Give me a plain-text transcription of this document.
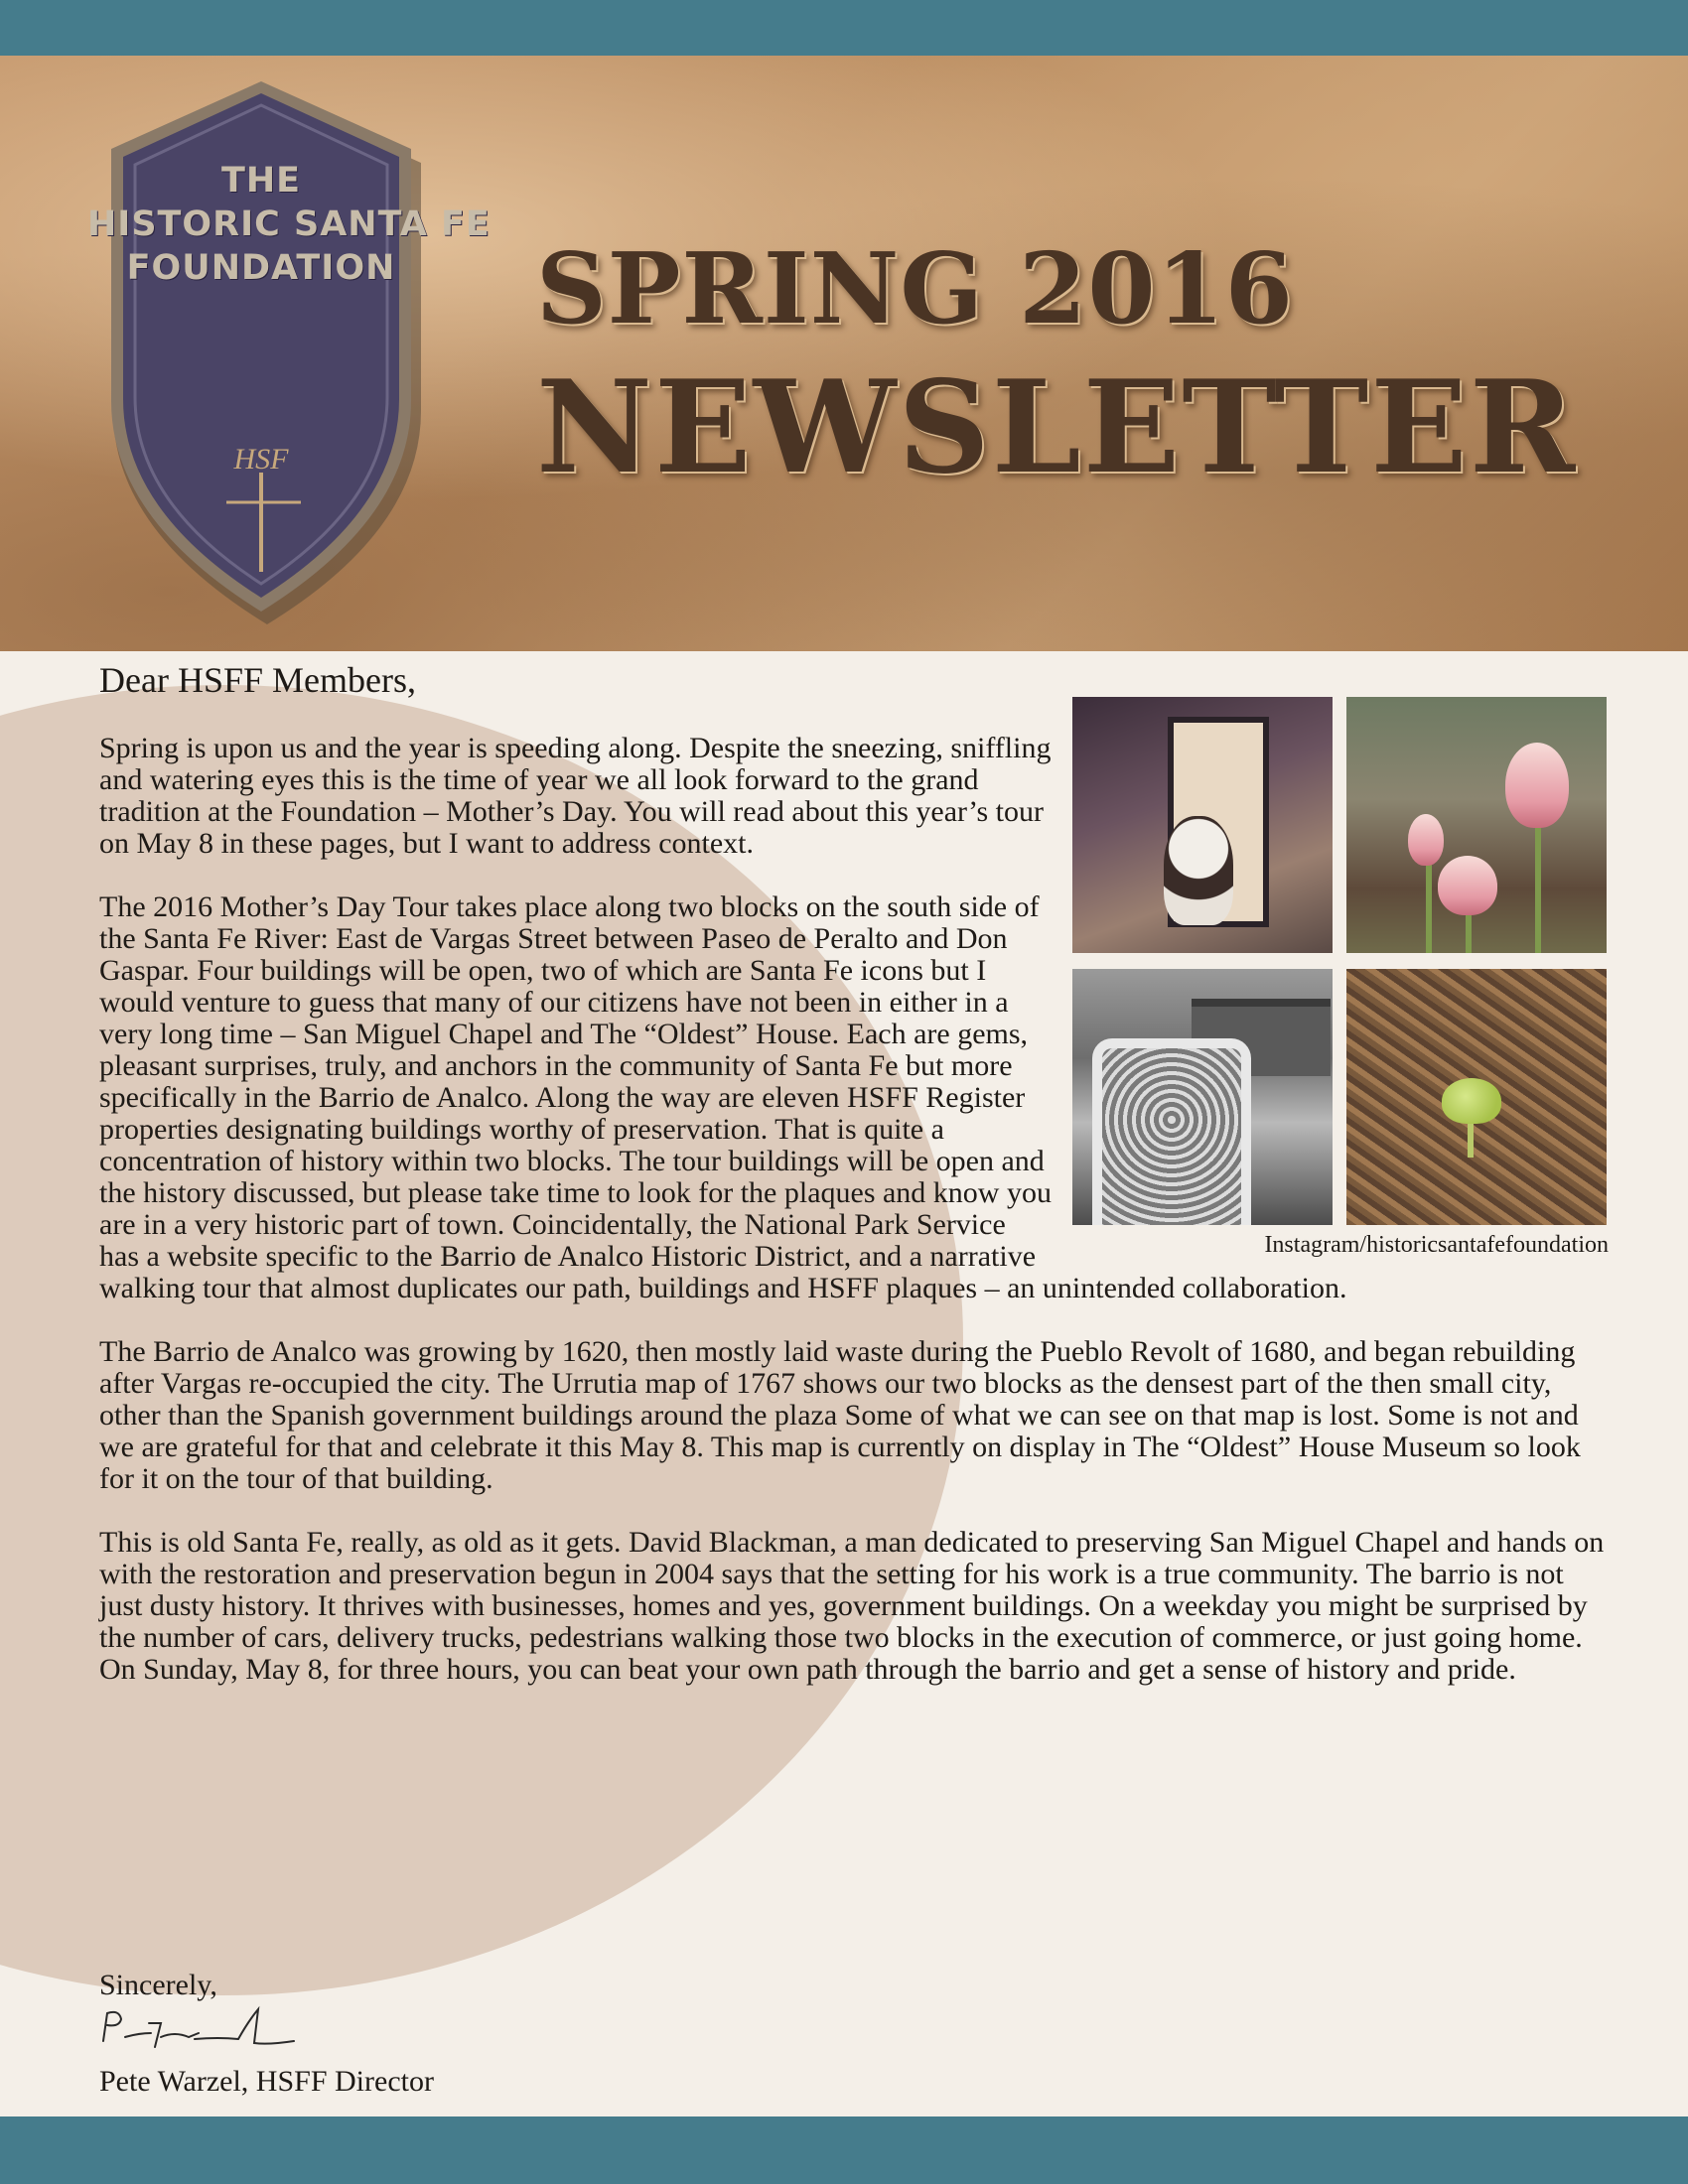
THE
HISTORIC SANTA FE
FOUNDATION
HSF
SPRING 2016
NEWSLETTER
Dear HSFF Members,
Instagram/historicsantafefoundation

Spring is upon us and the year is speeding along. Despite the sneezing, sniffling and watering eyes this is the time of year we all look forward to the grand tradition at the Foundation – Mother’s Day. You will read about this year’s tour on May 8 in these pages, but I want to address context.

The 2016 Mother’s Day Tour takes place along two blocks on the south side of the Santa Fe River: East de Vargas Street between Paseo de Peralto and Don Gaspar. Four buildings will be open, two of which are Santa Fe icons but I would venture to guess that many of our citizens have not been in either in a very long time – San Miguel Chapel and The “Oldest” House. Each are gems, pleasant surprises, truly, and anchors in the community of Santa Fe but more specifically in the Barrio de Analco. Along the way are eleven HSFF Register properties designating buildings worthy of preservation. That is quite a concentration of history within two blocks. The tour buildings will be open and the history discussed, but please take time to look for the plaques and know you are in a very historic part of town. Coincidentally, the National Park Service has a website specific to the Barrio de Analco Historic District, and a narrative walking tour that almost duplicates our path, buildings and HSFF plaques – an unintended collaboration.

The Barrio de Analco was growing by 1620, then mostly laid waste during the Pueblo Revolt of 1680, and began rebuilding after Vargas re-occupied the city. The Urrutia map of 1767 shows our two blocks as the densest part of the then small city, other than the Spanish government buildings around the plaza Some of what we can see on that map is lost. Some is not and we are grateful for that and celebrate it this May 8. This map is currently on display in The “Oldest” House Museum so look for it on the tour of that building.

This is old Santa Fe, really, as old as it gets. David Blackman, a man dedicated to preserving San Miguel Chapel and hands on with the restoration and preservation begun in 2004 says that the setting for his work is a true community. The barrio is not just dusty history. It thrives with businesses, homes and yes, government buildings. On a weekday you might be surprised by the number of cars, delivery trucks, pedestrians walking those two blocks in the execution of commerce, or just going home. On Sunday, May 8, for three hours, you can beat your own path through the barrio and get a sense of history and pride.

Sincerely,
Pete Warzel, HSFF Director
